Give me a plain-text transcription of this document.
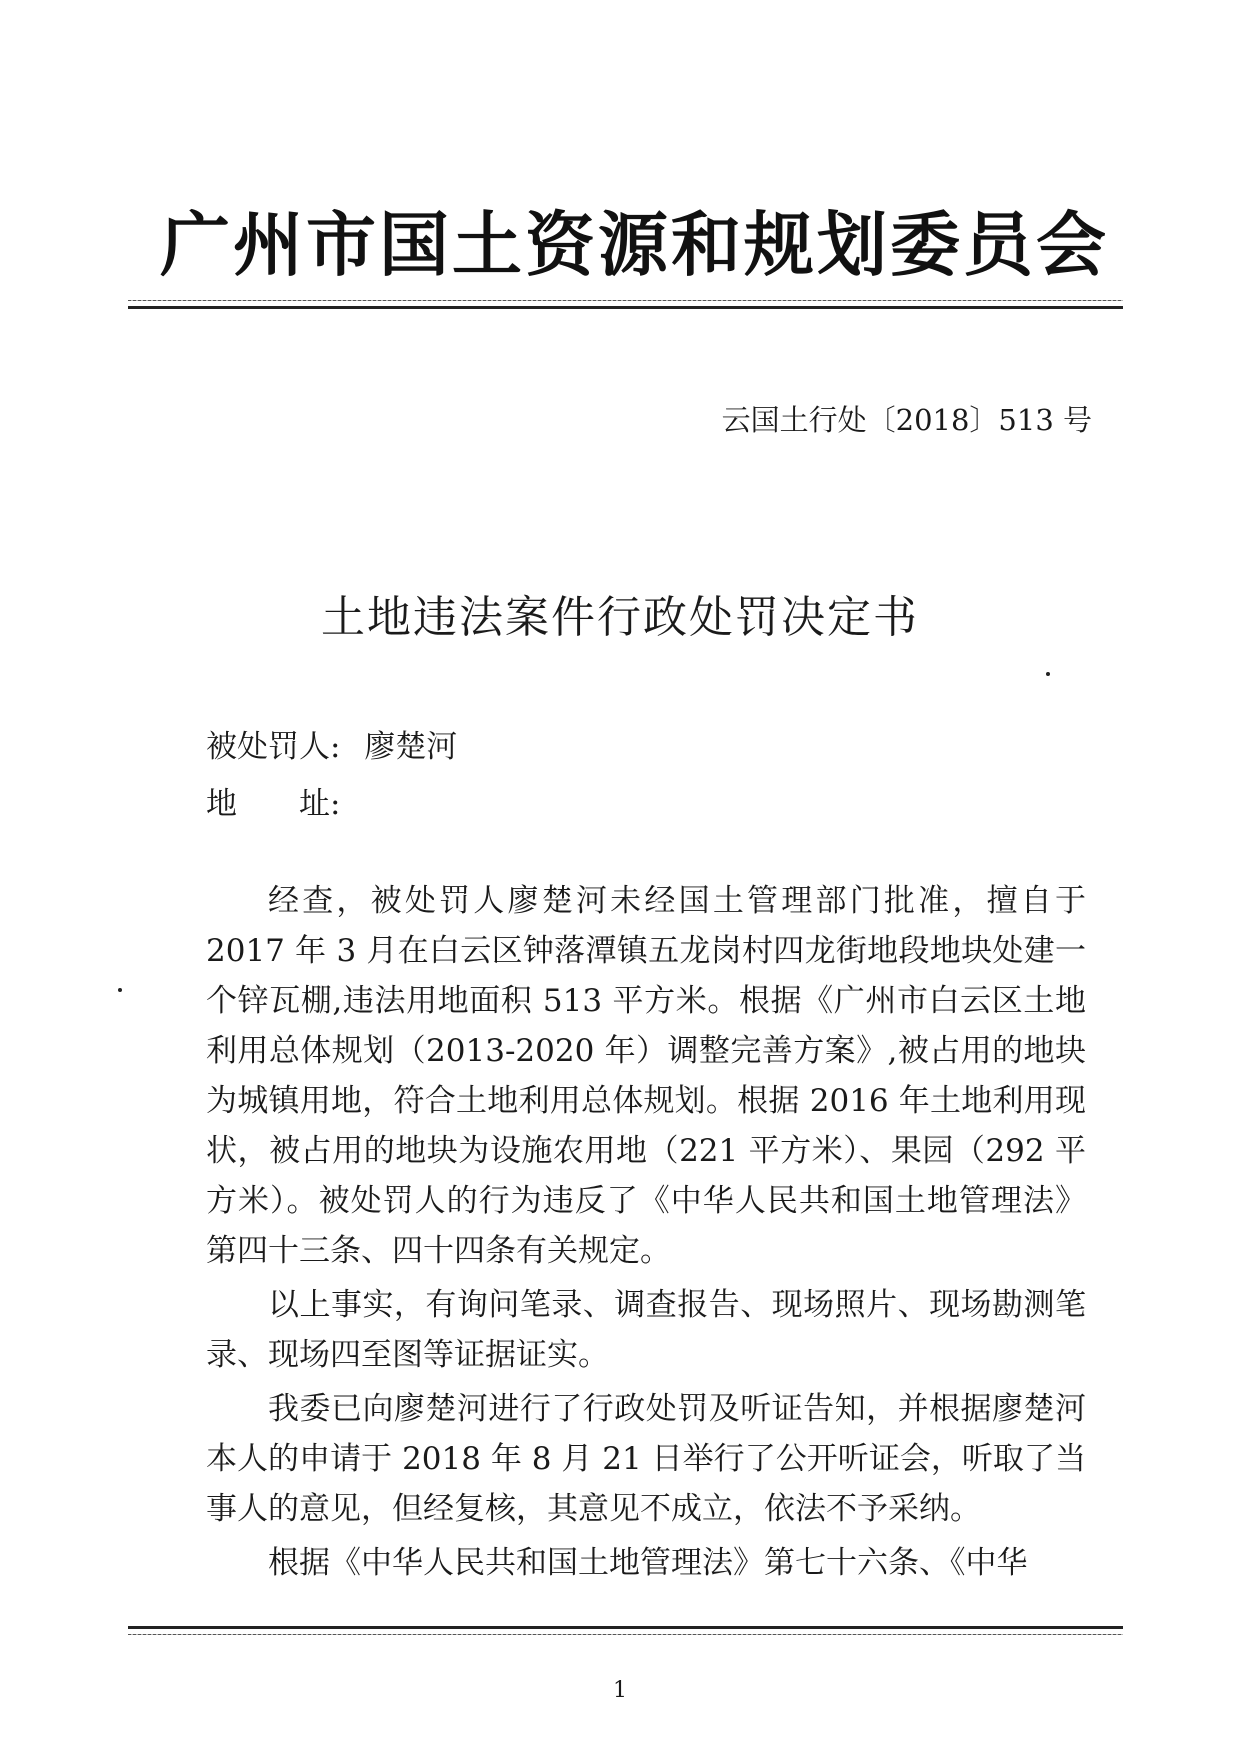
广州市国土资源和规划委员会
云国土行处〔2018〕513 号
土地违法案件行政处罚决定书
被处罚人: 廖楚河
地　　址:

经查，被处罚人廖楚河未经国土管理部门批准，擅自于 2017 年 3 月在白云区钟落潭镇五龙岗村四龙街地段地块处建一个锌瓦棚,违法用地面积 513 平方米。根据《广州市白云区土地利用总体规划（2013-2020 年）调整完善方案》,被占用的地块为城镇用地，符合土地利用总体规划。根据 2016 年土地利用现状，被占用的地块为设施农用地（221 平方米）、果园（292 平方米）。被处罚人的行为违反了《中华人民共和国土地管理法》第四十三条、四十四条有关规定。

以上事实，有询问笔录、调查报告、现场照片、现场勘测笔录、现场四至图等证据证实。

我委已向廖楚河进行了行政处罚及听证告知，并根据廖楚河本人的申请于 2018 年 8 月 21 日举行了公开听证会，听取了当事人的意见，但经复核，其意见不成立，依法不予采纳。

根据《中华人民共和国土地管理法》第七十六条、《中华

1
